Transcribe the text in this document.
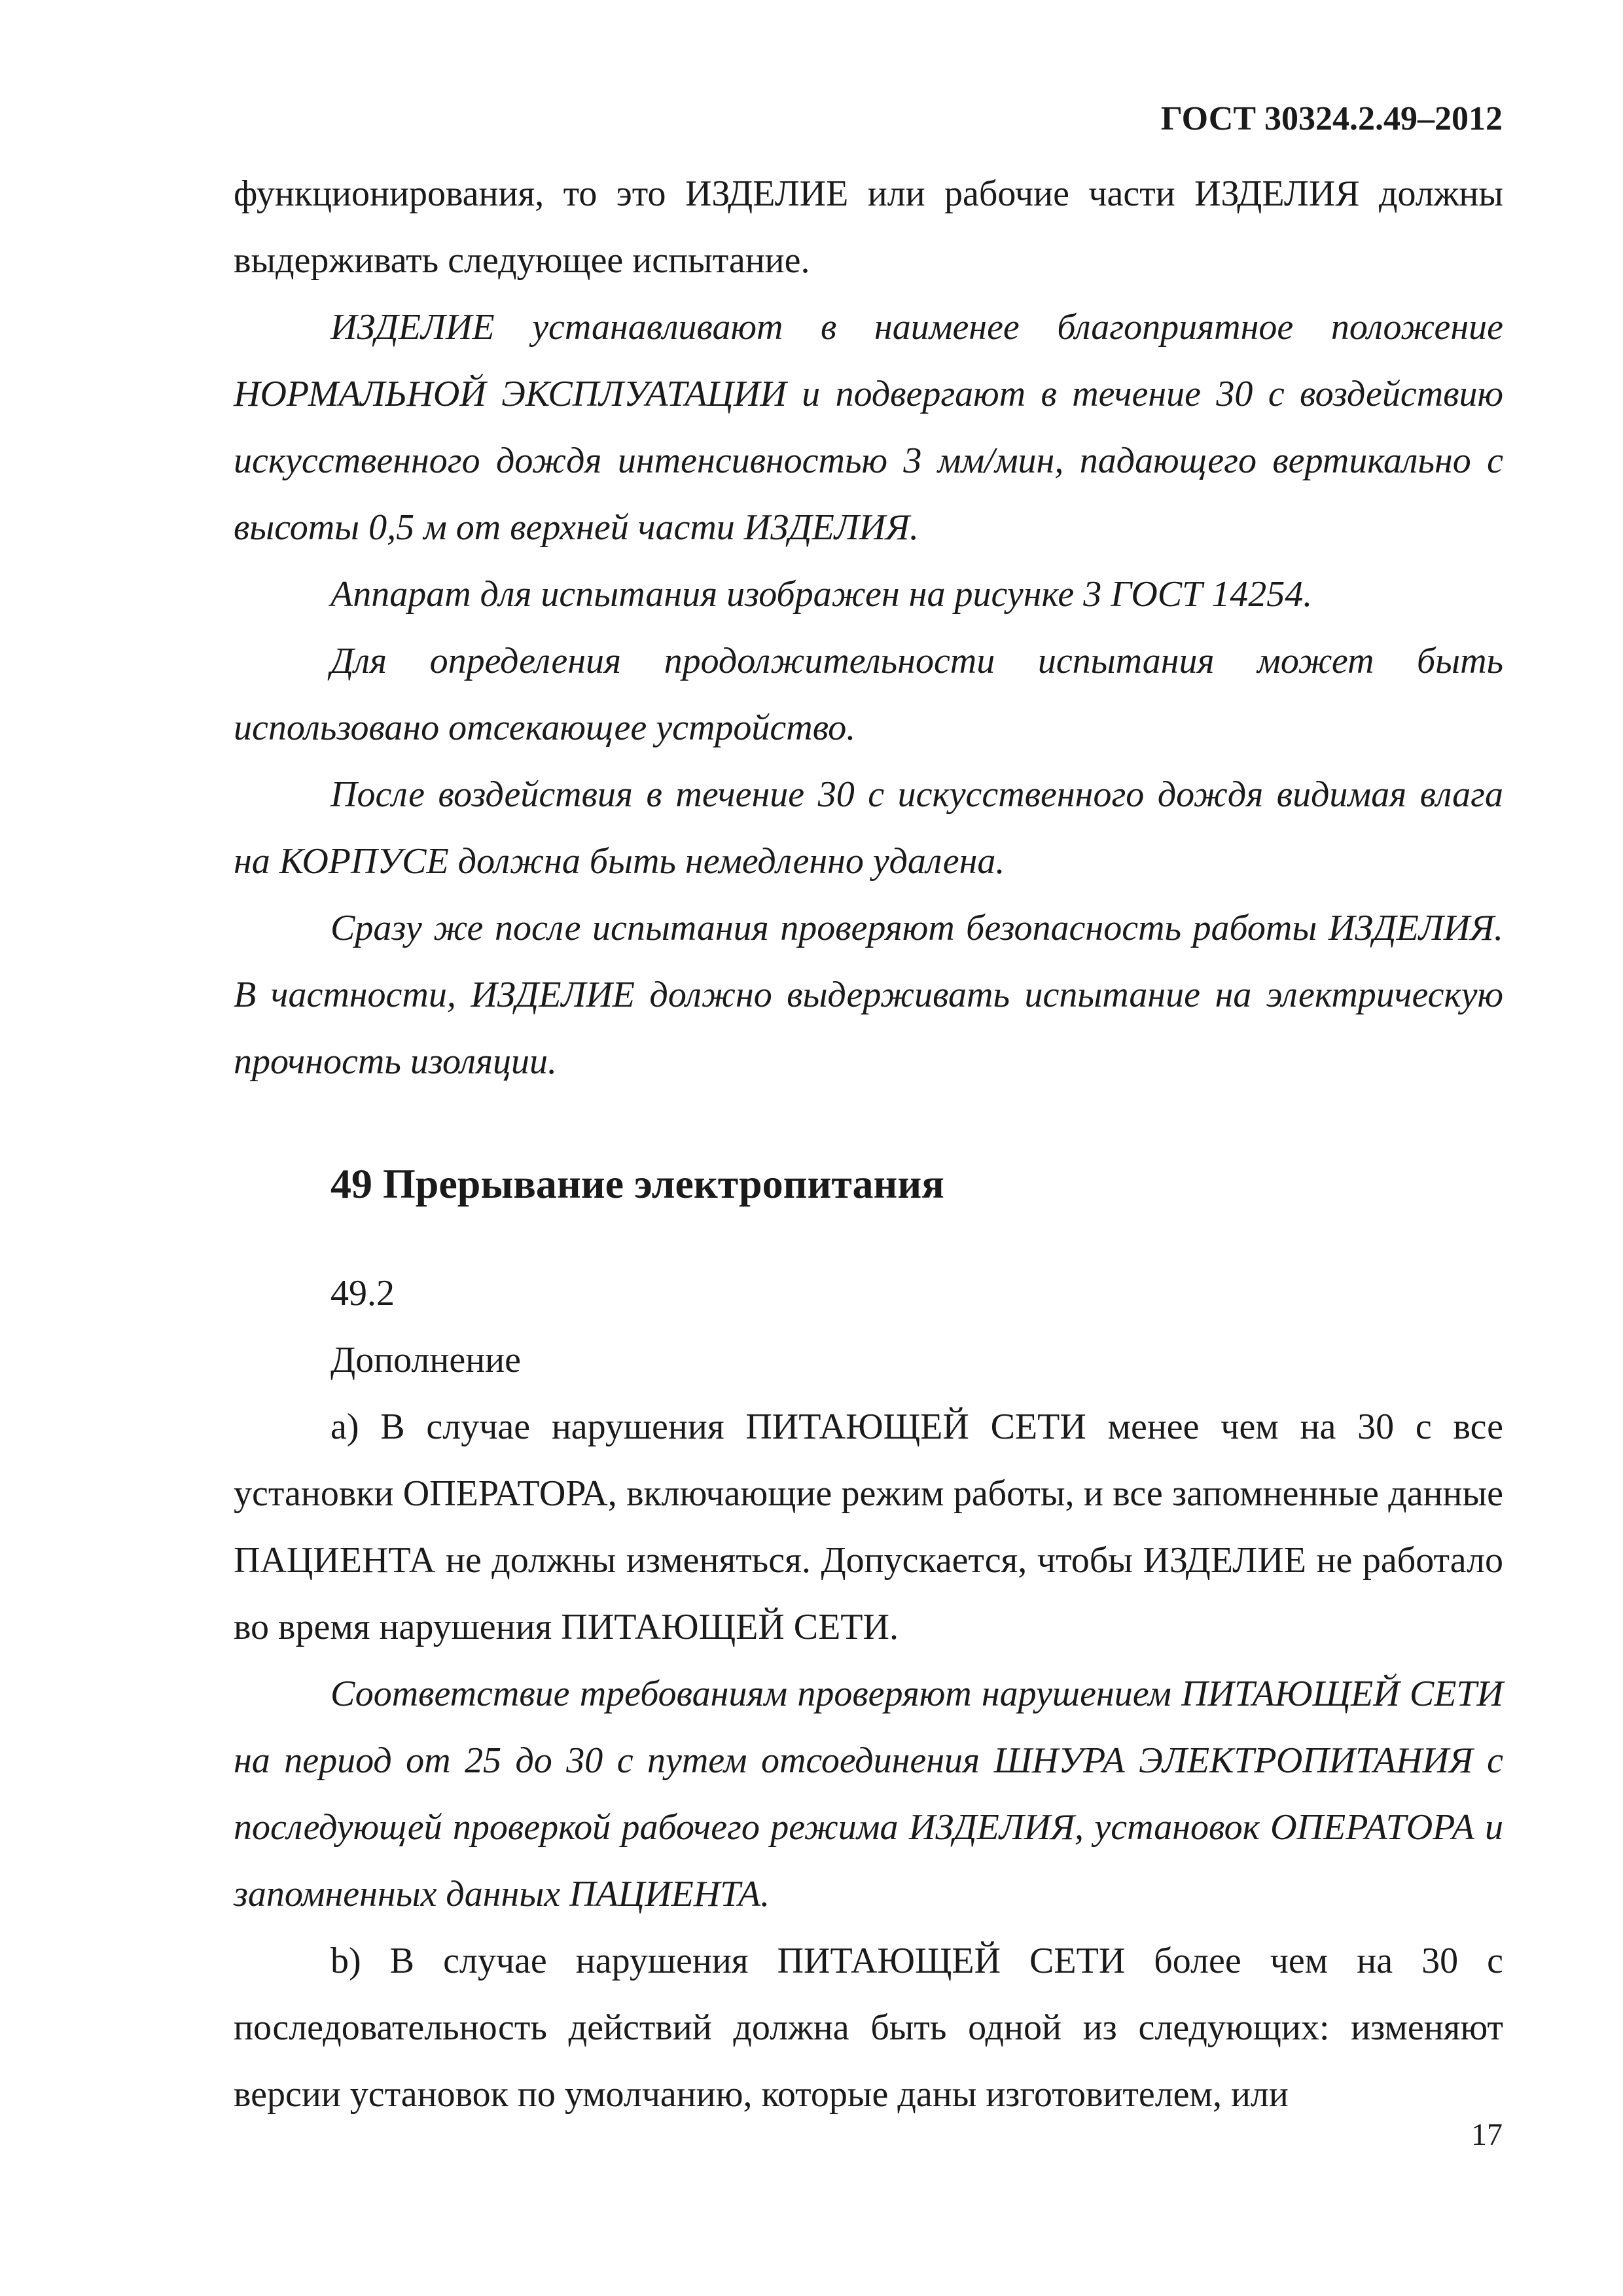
ГОСТ 30324.2.49–2012

функционирования, то это ИЗДЕЛИЕ или рабочие части ИЗДЕЛИЯ должны выдерживать следующее испытание.

ИЗДЕЛИЕ устанавливают в наименее благоприятное положение НОРМАЛЬНОЙ ЭКСПЛУАТАЦИИ и подвергают в течение 30 с воздействию искусственного дождя интенсивностью 3 мм/мин, падающего вертикально с высоты 0,5 м от верхней части ИЗДЕЛИЯ.

Аппарат для испытания изображен на рисунке 3 ГОСТ 14254.

Для определения продолжительности испытания может быть использовано отсекающее устройство.

После воздействия в течение 30 с искусственного дождя видимая влага на КОРПУСЕ должна быть немедленно удалена.

Сразу же после испытания проверяют безопасность работы ИЗДЕЛИЯ. В частности, ИЗДЕЛИЕ должно выдерживать испытание на электрическую прочность изоляции.

49 Прерывание электропитания

49.2

Дополнение

a) В случае нарушения ПИТАЮЩЕЙ СЕТИ менее чем на 30 с все установки ОПЕРАТОРА, включающие режим работы, и все запомненные данные ПАЦИЕНТА не должны изменяться. Допускается, чтобы ИЗДЕЛИЕ не работало во время нарушения ПИТАЮЩЕЙ СЕТИ.

Соответствие требованиям проверяют нарушением ПИТАЮЩЕЙ СЕТИ на период от 25 до 30 с путем отсоединения ШНУРА ЭЛЕКТРОПИТАНИЯ с последующей проверкой рабочего режима ИЗДЕЛИЯ, установок ОПЕРАТОРА и запомненных данных ПАЦИЕНТА.

b) В случае нарушения ПИТАЮЩЕЙ СЕТИ более чем на 30 с последовательность действий должна быть одной из следующих: изменяют версии установок по умолчанию, которые даны изготовителем, или

17
